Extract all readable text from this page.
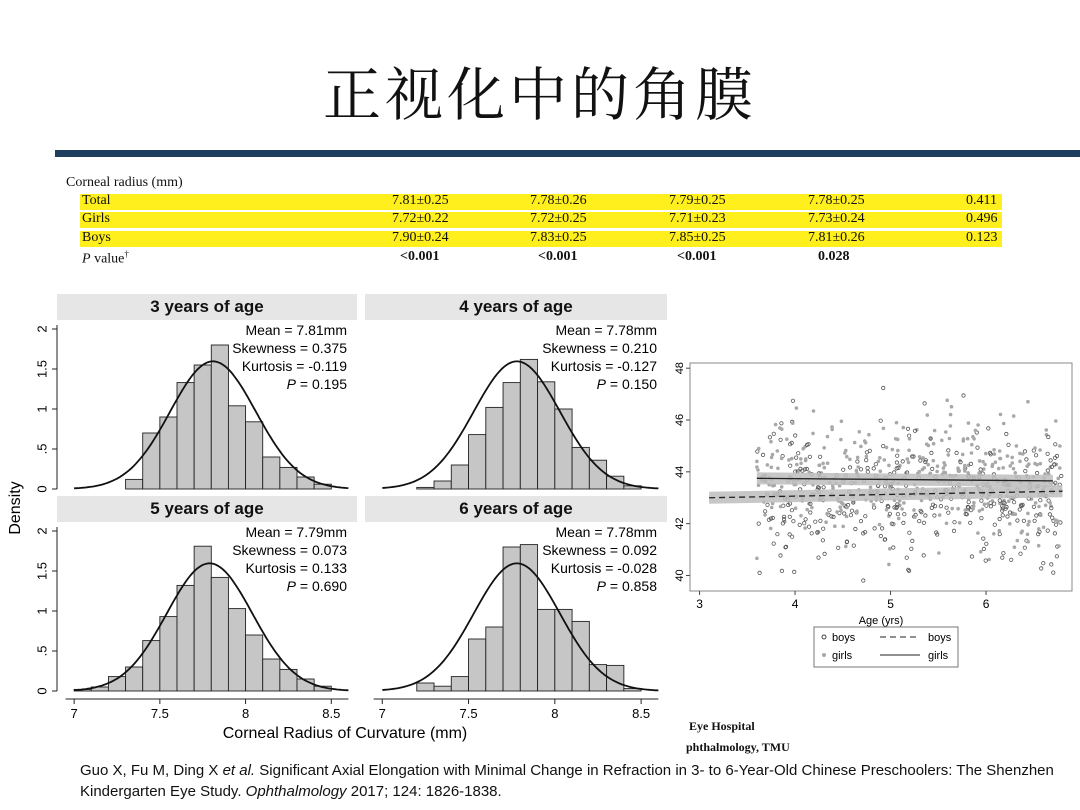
正视化中的角膜
Corneal radius (mm)
Total	7.81±0.25	7.78±0.26	7.79±0.25	7.78±0.25	0.411
Girls	7.72±0.22	7.72±0.25	7.71±0.23	7.73±0.24	0.496
Boys	7.90±0.24	7.83±0.25	7.85±0.25	7.81±0.26	0.123
P value†	<0.001	<0.001	<0.001	0.028
3 years of age	4 years of age
5 years of age	6 years of age
Density
Corneal Radius of Curvature (mm)
0
.5
1
1.5
2	Mean = 7.81mm
Skewness = 0.375
Kurtosis = -0.119
P = 0.195
Mean = 7.78mm
Skewness = 0.210
Kurtosis = -0.127
P = 0.150
0
.5
1
1.5
2
7	7.5	8	8.5
Mean = 7.79mm
Skewness = 0.073
Kurtosis = 0.133
P = 0.690
7	7.5	8	8.5
Mean = 7.78mm
Skewness = 0.092
Kurtosis = -0.028
P = 0.858
40
42
44
46
48
3	4	5	6
Age (yrs)
boys	boys
girls	girls
Eye Hospital
phthalmology, TMU
Guo X, Fu M, Ding X et al. Significant Axial Elongation with Minimal Change in Refraction in 3- to 6-Year-Old Chinese Preschoolers: The Shenzhen Kindergarten Eye Study. Ophthalmology 2017; 124: 1826-1838.
